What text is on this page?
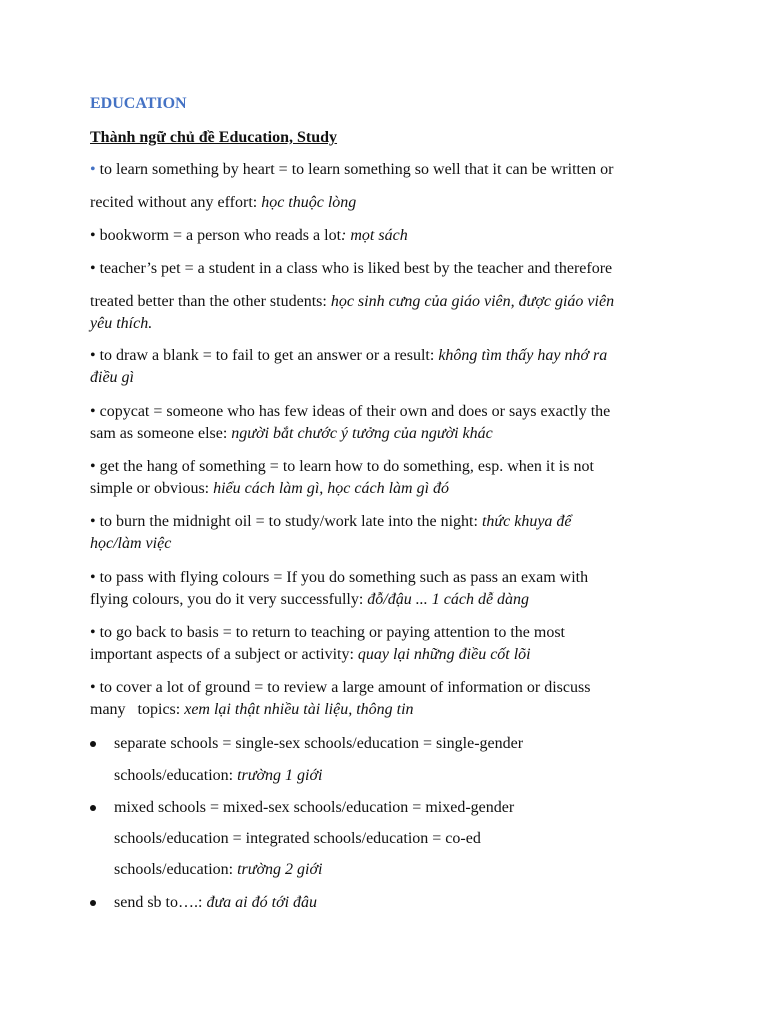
EDUCATION
Thành ngữ chủ đề Education, Study
• to learn something by heart = to learn something so well that it can be written or
recited without any effort: học thuộc lòng
• bookworm = a person who reads a lot: mọt sách
• teacher’s pet = a student in a class who is liked best by the teacher and therefore
treated better than the other students: học sinh cưng của giáo viên, được giáo viên
yêu thích.
• to draw a blank = to fail to get an answer or a result: không tìm thấy hay nhớ ra
điều gì
• copycat = someone who has few ideas of their own and does or says exactly the
sam as someone else: người bắt chước ý tưởng của người khác
• get the hang of something = to learn how to do something, esp. when it is not
simple or obvious: hiểu cách làm gì, học cách làm gì đó
• to burn the midnight oil = to study/work late into the night: thức khuya để
học/làm việc
• to pass with flying colours = If you do something such as pass an exam with
flying colours, you do it very successfully: đỗ/đậu ... 1 cách dễ dàng
• to go back to basis = to return to teaching or paying attention to the most
important aspects of a subject or activity: quay lại những điều cốt lõi
• to cover a lot of ground = to review a large amount of information or discuss
many   topics: xem lại thật nhiều tài liệu, thông tin
separate schools = single-sex schools/education = single-gender
schools/education: trường 1 giới
mixed schools = mixed-sex schools/education = mixed-gender
schools/education = integrated schools/education = co-ed
schools/education: trường 2 giới
send sb to….: đưa ai đó tới đâu
